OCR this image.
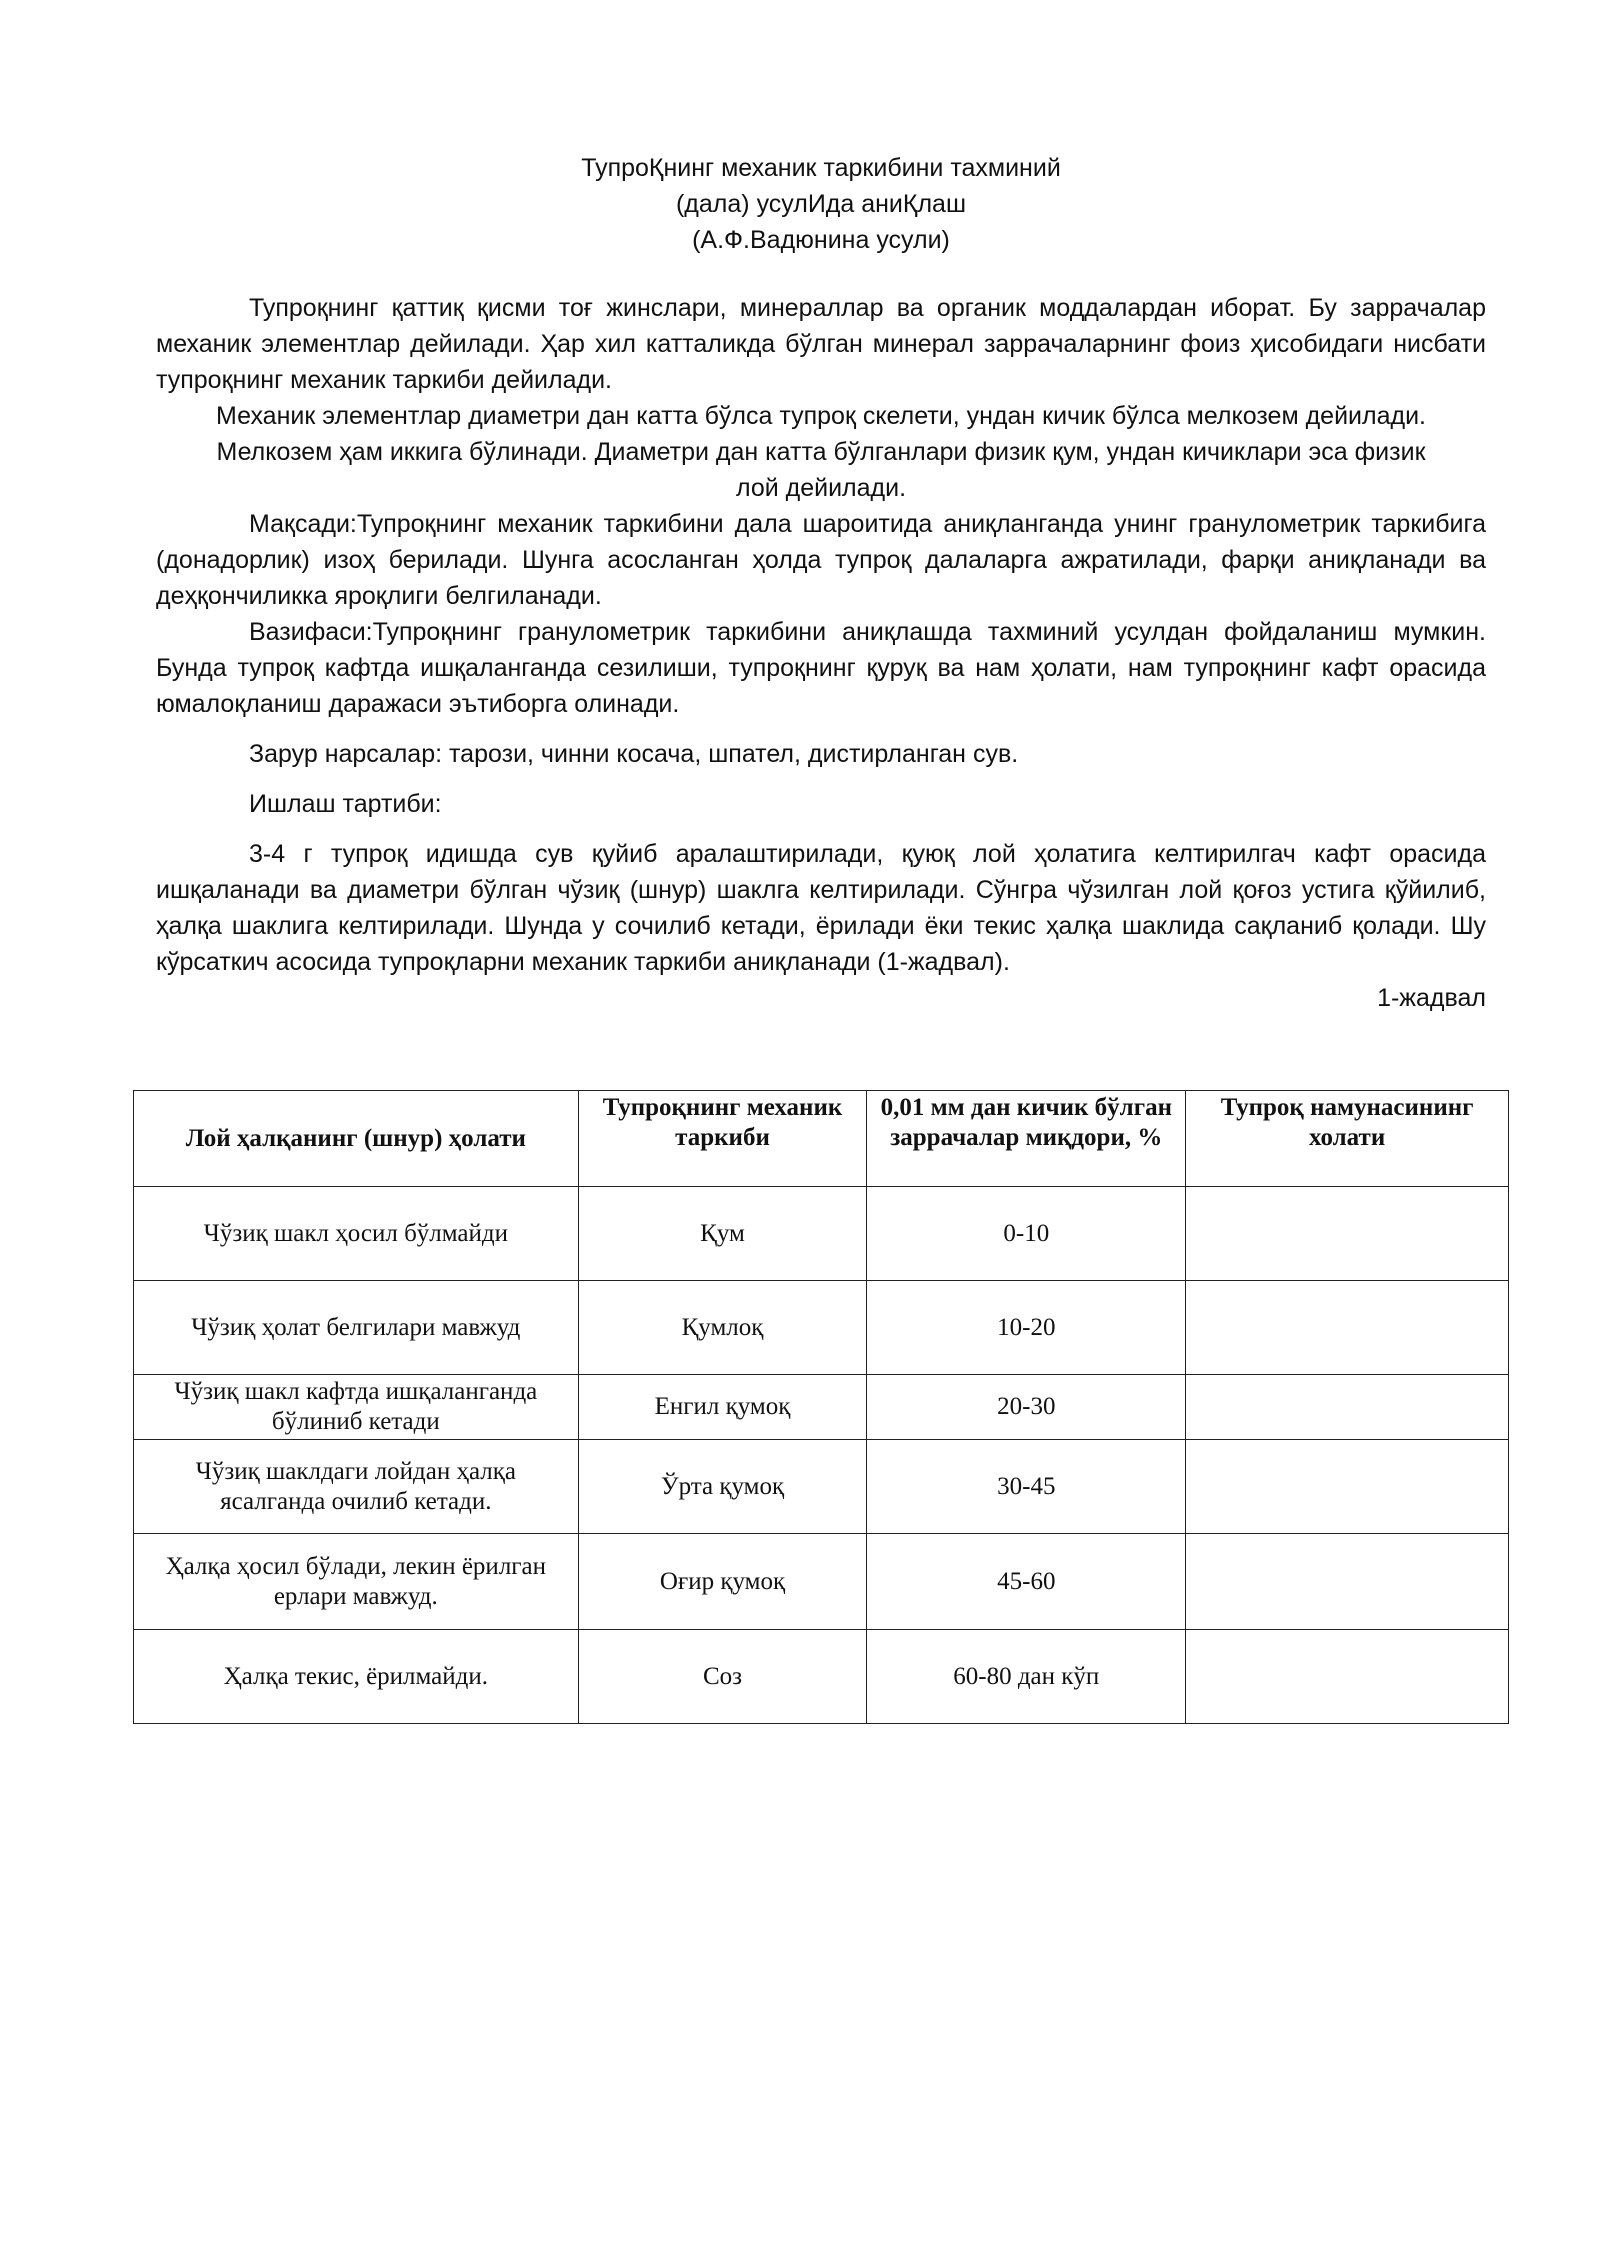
ТупроҚнинг механик таркибини тахминий
(дала) усулИда аниҚлаш
(А.Ф.Вадюнина усули)

Тупроқнинг қаттиқ қисми тоғ жинслари, минераллар ва органик моддалардан иборат. Бу заррачалар механик элементлар дейилади. Ҳар хил катталикда бўлган минерал заррачаларнинг фоиз ҳисобидаги нисбати тупроқнинг механик таркиби дейилади.

Механик элементлар диаметри дан катта бўлса тупроқ скелети, ундан кичик бўлса мелкозем дейилади. Мелкозем ҳам иккига бўлинади. Диаметри дан катта бўлганлари физик қум, ундан кичиклари эса физик лой дейилади.

Мақсади:Тупроқнинг механик таркибини дала шароитида аниқланганда унинг гранулометрик таркибига (донадорлик) изоҳ берилади. Шунга асосланган ҳолда тупроқ далаларга ажратилади, фарқи аниқланади ва деҳқончиликка яроқлиги белгиланади.

Вазифаси:Тупроқнинг гранулометрик таркибини аниқлашда тахминий усулдан фойдаланиш мумкин. Бунда тупроқ кафтда ишқаланганда сезилиши, тупроқнинг қуруқ ва нам ҳолати, нам тупроқнинг кафт орасида юмалоқланиш даражаси эътиборга олинади.

Зарур нарсалар: тарози, чинни косача, шпател, дистирланган сув.

Ишлаш тартиби:

3-4 г тупроқ идишда сув қуйиб аралаштирилади, қуюқ лой ҳолатига келтирилгач кафт орасида ишқаланади ва диаметри бўлган чўзиқ (шнур) шаклга келтирилади. Сўнгра чўзилган лой қоғоз устига қўйилиб, ҳалқа шаклига келтирилади. Шунда у сочилиб кетади, ёрилади ёки текис ҳалқа шаклида сақланиб қолади. Шу кўрсаткич асосида тупроқларни механик таркиби аниқланади (1-жадвал).

1-жадвал
Лой ҳалқанинг (шнур) ҳолати	Тупроқнинг механик таркиби	0,01 мм дан кичик бўлган заррачалар миқдори, %	Тупроқ намунасининг холати
Чўзиқ шакл ҳосил бўлмайди	Қум	0-10	
Чўзиқ ҳолат белгилари мавжуд	Қумлоқ	10-20	
Чўзиқ шакл кафтда ишқаланганда бўлиниб кетади	Енгил қумоқ	20-30	
Чўзиқ шаклдаги лойдан ҳалқа ясалганда очилиб кетади.	Ўрта қумоқ	30-45	
Ҳалқа ҳосил бўлади, лекин ёрилган ерлари мавжуд.	Оғир қумоқ	45-60	
Ҳалқа текис, ёрилмайди.	Соз	60-80 дан кўп	
